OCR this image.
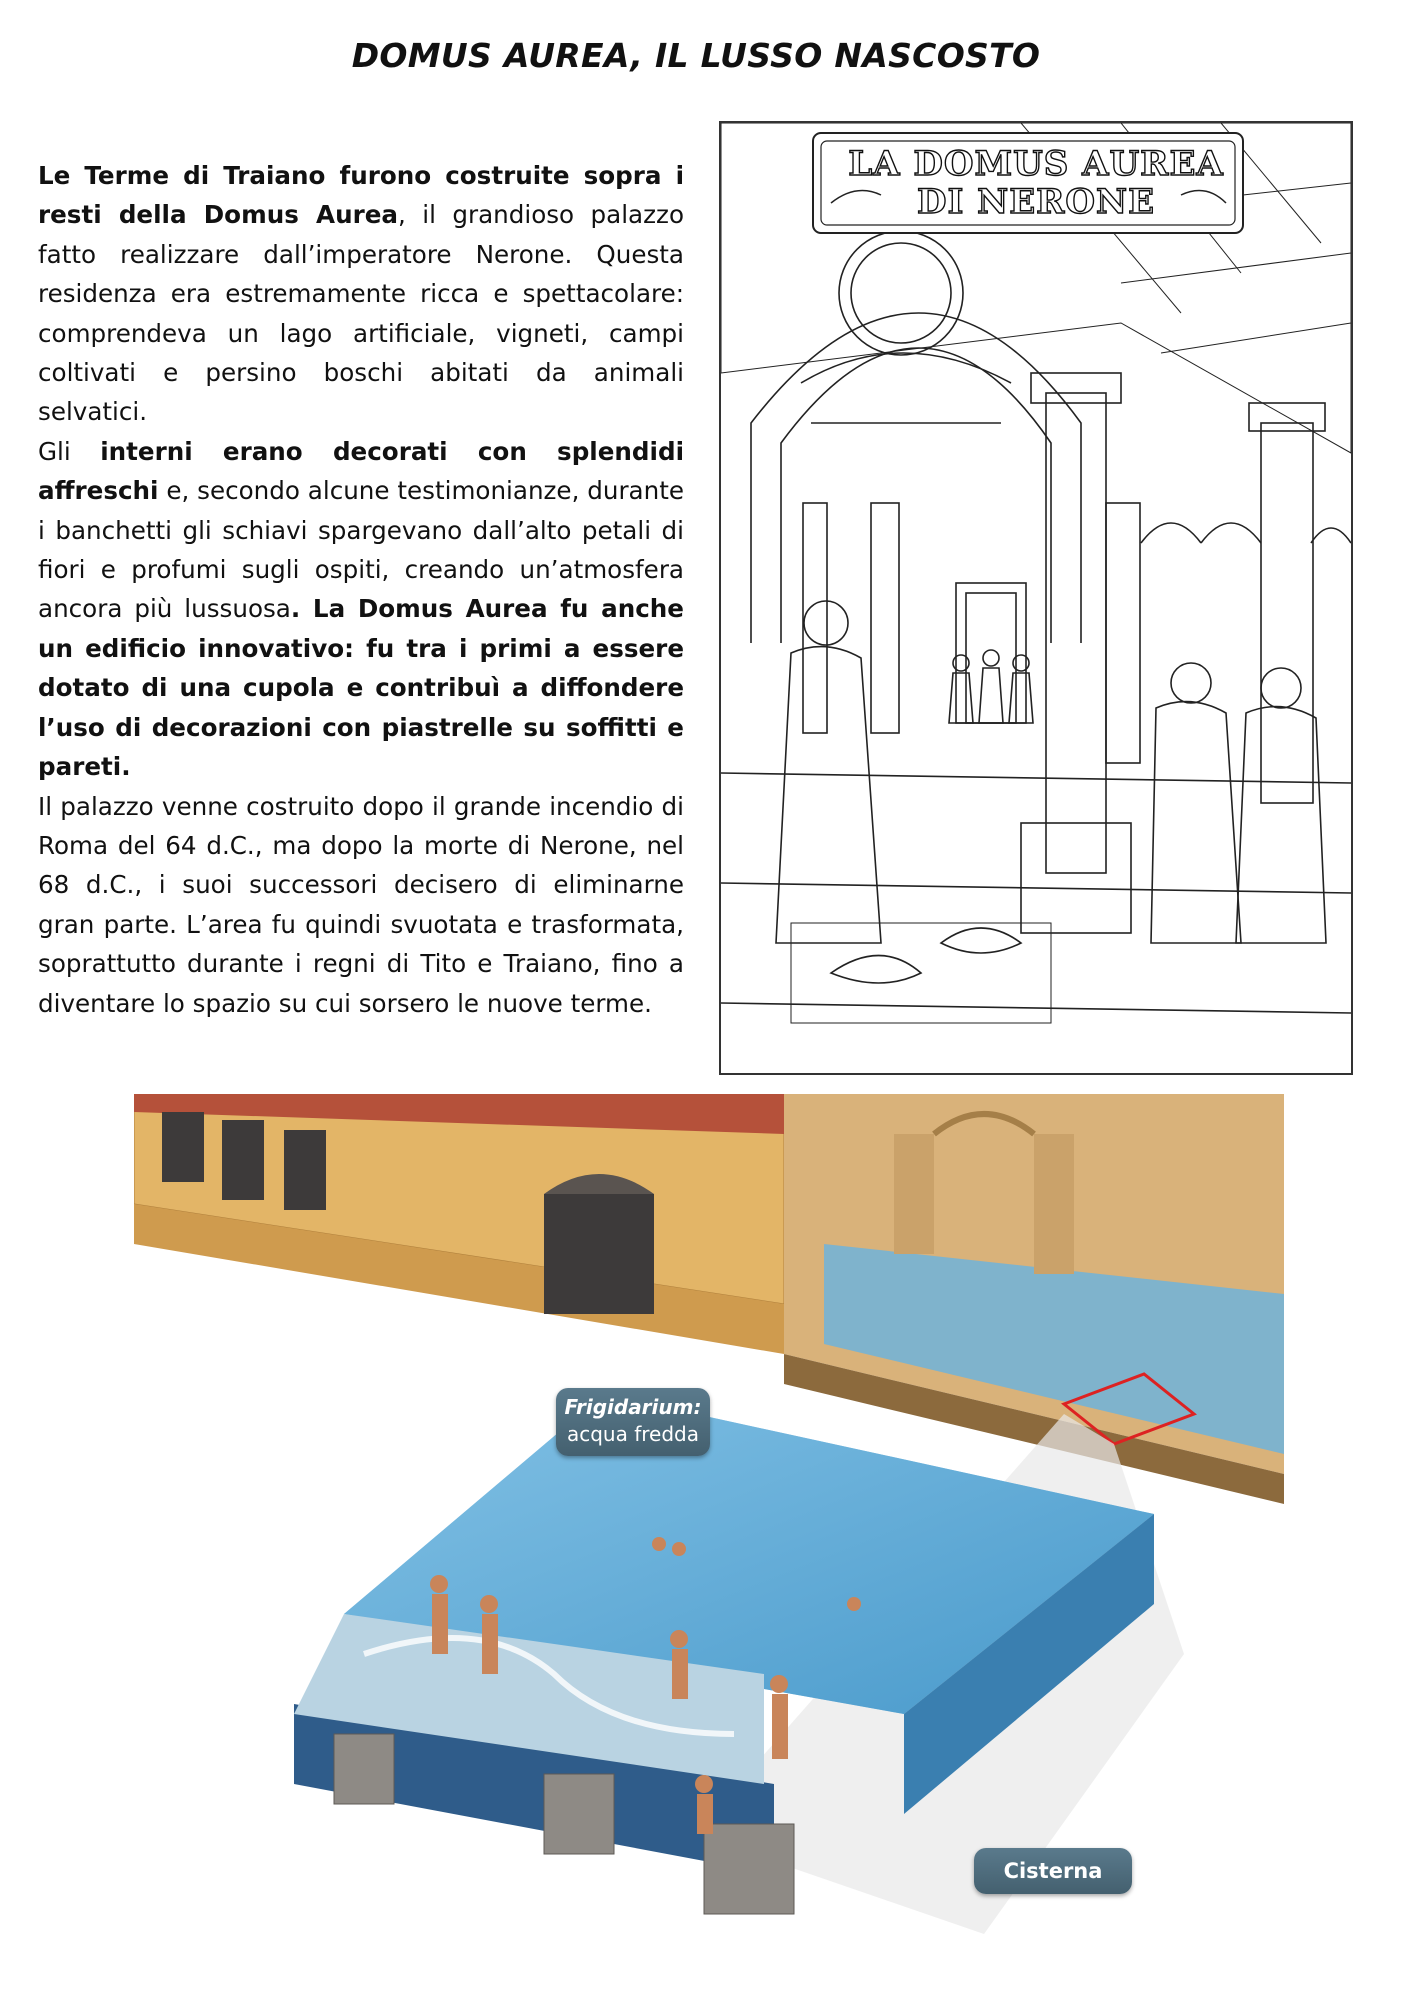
DOMUS AUREA, IL LUSSO NASCOSTO

Le Terme di Traiano furono costruite sopra i resti della Domus Aurea, il grandioso palazzo fatto realizzare dall’imperatore Nerone. Questa residenza era estremamente ricca e spettacolare: comprendeva un lago artificiale, vigneti, campi coltivati e persino boschi abitati da animali selvatici.

Gli interni erano decorati con splendidi affreschi e, secondo alcune testimonianze, durante i banchetti gli schiavi spargevano dall’alto petali di fiori e profumi sugli ospiti, creando un’atmosfera ancora più lussuosa. La Domus Aurea fu anche un edificio innovativo: fu tra i primi a essere dotato di una cupola e contribuì a diffondere l’uso di decorazioni con piastrelle su soffitti e pareti.

Il palazzo venne costruito dopo il grande incendio di Roma del 64 d.C., ma dopo la morte di Nerone, nel 68 d.C., i suoi successori decisero di eliminarne gran parte. L’area fu quindi svuotata e trasformata, soprattutto durante i regni di Tito e Traiano, fino a diventare lo spazio su cui sorsero le nuove terme.

LA DOMUS AUREA
DI NERONE
Frigidarium:
acqua fredda
Cisterna
